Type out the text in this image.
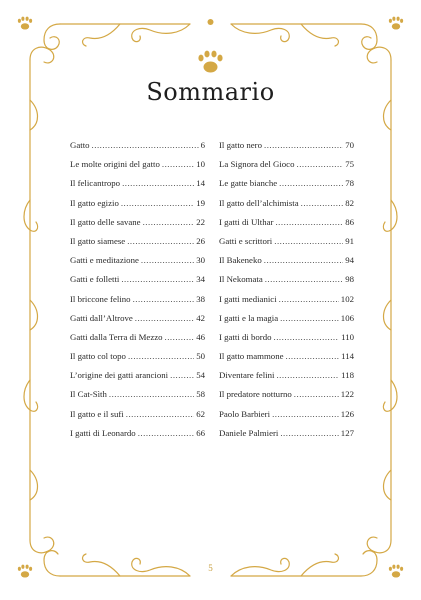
Sommario
Gatto .....	6
Le molte origini del gatto .....	10
Il felicantropo .....	14
Il gatto egizio .....	19
Il gatto delle savane .....	22
Il gatto siamese .....	26
Gatti e meditazione .....	30
Gatti e folletti .....	34
Il briccone felino .....	38
Gatti dall’Altrove .....	42
Gatti dalla Terra di Mezzo .....	46
Il gatto col topo .....	50
L’origine dei gatti arancioni .....	54
Il Cat-Sìth .....	58
Il gatto e il sufi .....	62
I gatti di Leonardo .....	66
Il gatto nero .....	70
La Signora del Gioco .....	75
Le gatte bianche .....	78
Il gatto dell’alchimista .....	82
I gatti di Ulthar .....	86
Gatti e scrittori .....	91
Il Bakeneko .....	94
Il Nekomata .....	98
I gatti medianici .....	102
I gatti e la magia .....	106
I gatti di bordo .....	110
Il gatto mammone .....	114
Diventare felini .....	118
Il predatore notturno .....	122
Paolo Barbieri .....	126
Daniele Palmieri .....	127
5
